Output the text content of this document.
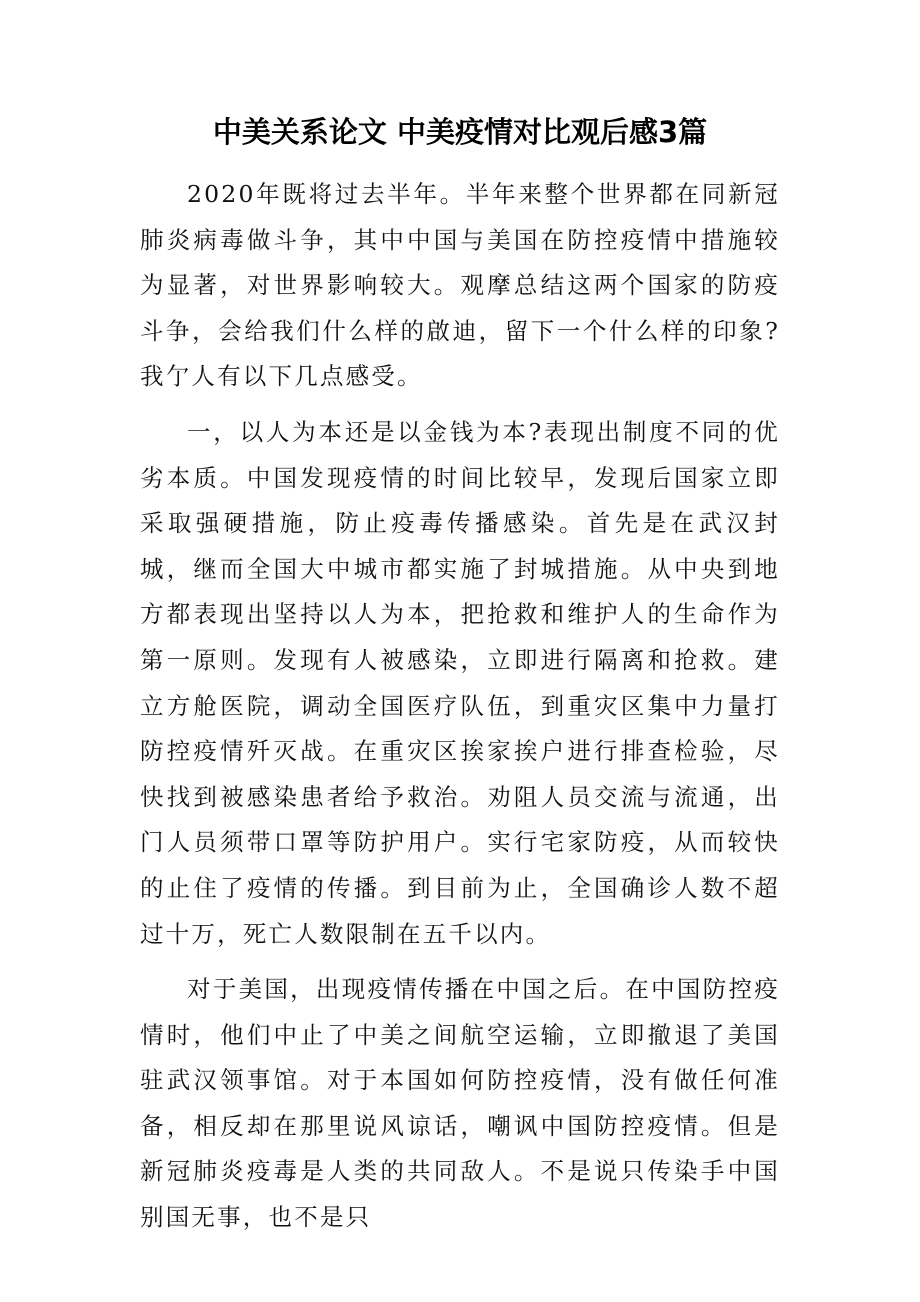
中美关系论文 中美疫情对比观后感3篇

2020年既将过去半年。半年来整个世界都在同新冠肺炎病毒做斗争，其中中国与美国在防控疫情中措施较为显著，对世界影响较大。观摩总结这两个国家的防疫斗争，会给我们什么样的啟迪，留下一个什么样的印象?我亇人有以下几点感受。

一，以人为本还是以金钱为本?表现出制度不同的优劣本质。中国发现疫情的时间比较早，发现后国家立即采取强硬措施，防止疫毒传播感染。首先是在武汉封城，继而全国大中城市都实施了封城措施。从中央到地方都表现出坚持以人为本，把抢救和维护人的生命作为第一原则。发现有人被感染，立即进行隔离和抢救。建立方舱医院，调动全国医疗队伍，到重灾区集中力量打防控疫情歼灭战。在重灾区挨家挨户进行排查检验，尽快找到被感染患者给予救治。劝阻人员交流与流通，出门人员须带口罩等防护用户。实行宅家防疫，从而较快的止住了疫情的传播。到目前为止，全国确诊人数不超过十万，死亡人数限制在五千以内。

对于美国，出现疫情传播在中国之后。在中国防控疫情时，他们中止了中美之间航空运输，立即撤退了美国驻武汉领事馆。对于本国如何防控疫情，没有做任何准备，相反却在那里说风谅话，嘲讽中国防控疫情。但是新冠肺炎疫毒是人类的共同敌人。不是说只传染手中国别国无事，也不是只
